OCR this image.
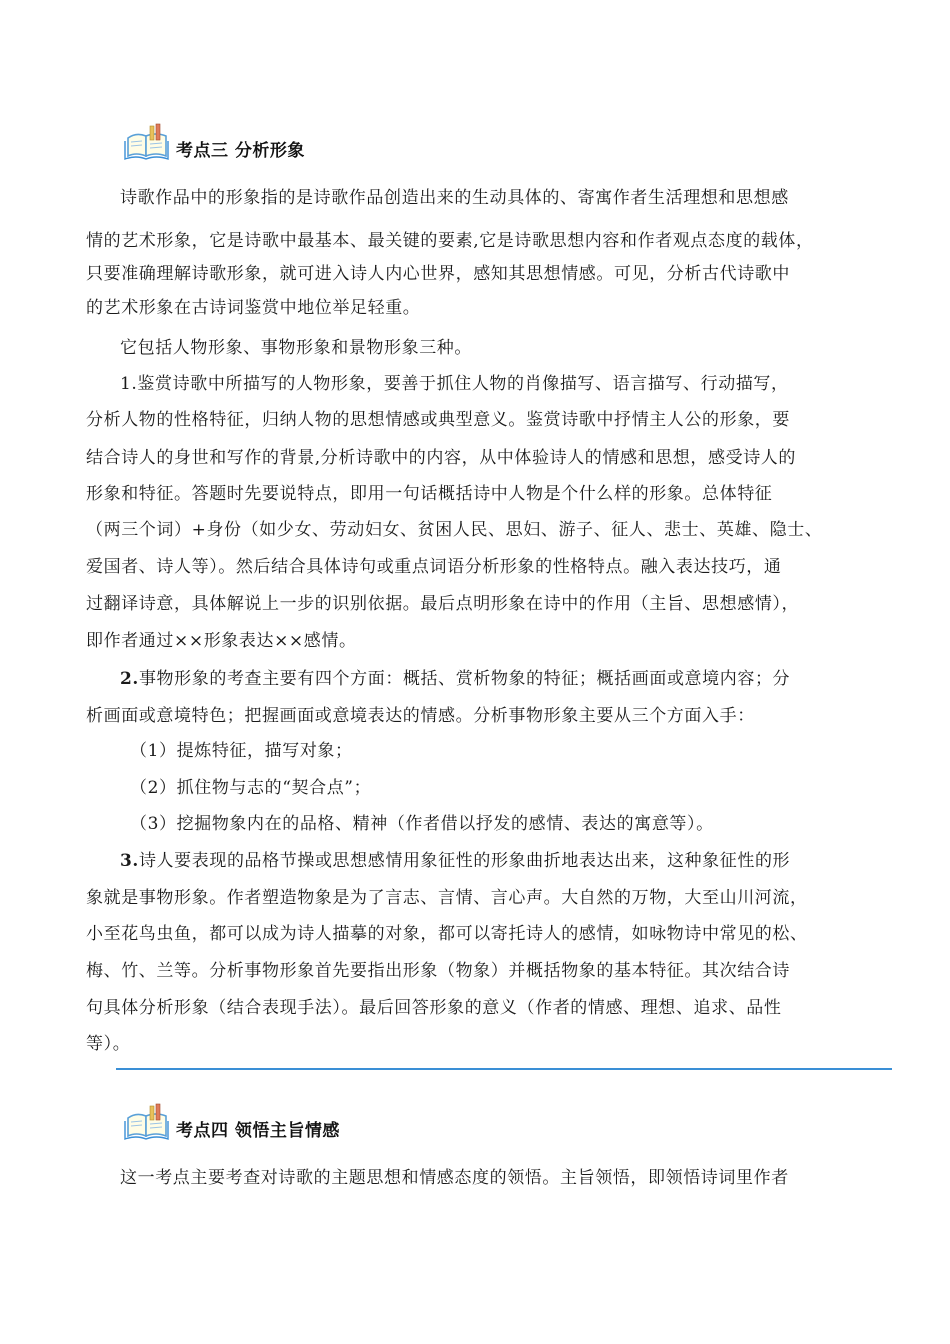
考点三 分析形象
诗歌作品中的形象指的是诗歌作品创造出来的生动具体的、寄寓作者生活理想和思想感
情的艺术形象，它是诗歌中最基本、最关键的要素,它是诗歌思想内容和作者观点态度的载体，
只要准确理解诗歌形象，就可进入诗人内心世界，感知其思想情感。可见，分析古代诗歌中
的艺术形象在古诗词鉴赏中地位举足轻重。
它包括人物形象、事物形象和景物形象三种。
1.鉴赏诗歌中所描写的人物形象，要善于抓住人物的肖像描写、语言描写、行动描写，
分析人物的性格特征，归纳人物的思想情感或典型意义。鉴赏诗歌中抒情主人公的形象，要
结合诗人的身世和写作的背景,分析诗歌中的内容，从中体验诗人的情感和思想，感受诗人的
形象和特征。答题时先要说特点，即用一句话概括诗中人物是个什么样的形象。总体特征
（两三个词）+身份（如少女、劳动妇女、贫困人民、思妇、游子、征人、悲士、英雄、隐士、
爱国者、诗人等）。然后结合具体诗句或重点词语分析形象的性格特点。融入表达技巧，通
过翻译诗意，具体解说上一步的识别依据。最后点明形象在诗中的作用（主旨、思想感情），
即作者通过××形象表达××感情。
2.事物形象的考查主要有四个方面：概括、赏析物象的特征；概括画面或意境内容；分
析画面或意境特色；把握画面或意境表达的情感。分析事物形象主要从三个方面入手：
（1）提炼特征，描写对象；
（2）抓住物与志的“契合点”；
（3）挖掘物象内在的品格、精神（作者借以抒发的感情、表达的寓意等）。
3.诗人要表现的品格节操或思想感情用象征性的形象曲折地表达出来，这种象征性的形
象就是事物形象。作者塑造物象是为了言志、言情、言心声。大自然的万物，大至山川河流，
小至花鸟虫鱼，都可以成为诗人描摹的对象，都可以寄托诗人的感情，如咏物诗中常见的松、
梅、竹、兰等。分析事物形象首先要指出形象（物象）并概括物象的基本特征。其次结合诗
句具体分析形象（结合表现手法）。最后回答形象的意义（作者的情感、理想、追求、品性
等）。
考点四 领悟主旨情感
这一考点主要考查对诗歌的主题思想和情感态度的领悟。主旨领悟，即领悟诗词里作者
